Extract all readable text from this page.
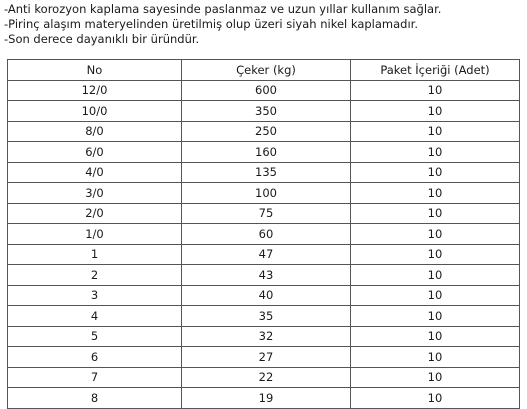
-Anti korozyon kaplama sayesinde paslanmaz ve uzun yıllar kullanım sağlar.
-Pirinç alaşım materyelinden üretilmiş olup üzeri siyah nikel kaplamadır.
-Son derece dayanıklı bir üründür.
No	Çeker (kg)	Paket İçeriği (Adet)
12/0	600	10
10/0	350	10
8/0	250	10
6/0	160	10
4/0	135	10
3/0	100	10
2/0	75	10
1/0	60	10
1	47	10
2	43	10
3	40	10
4	35	10
5	32	10
6	27	10
7	22	10
8	19	10
